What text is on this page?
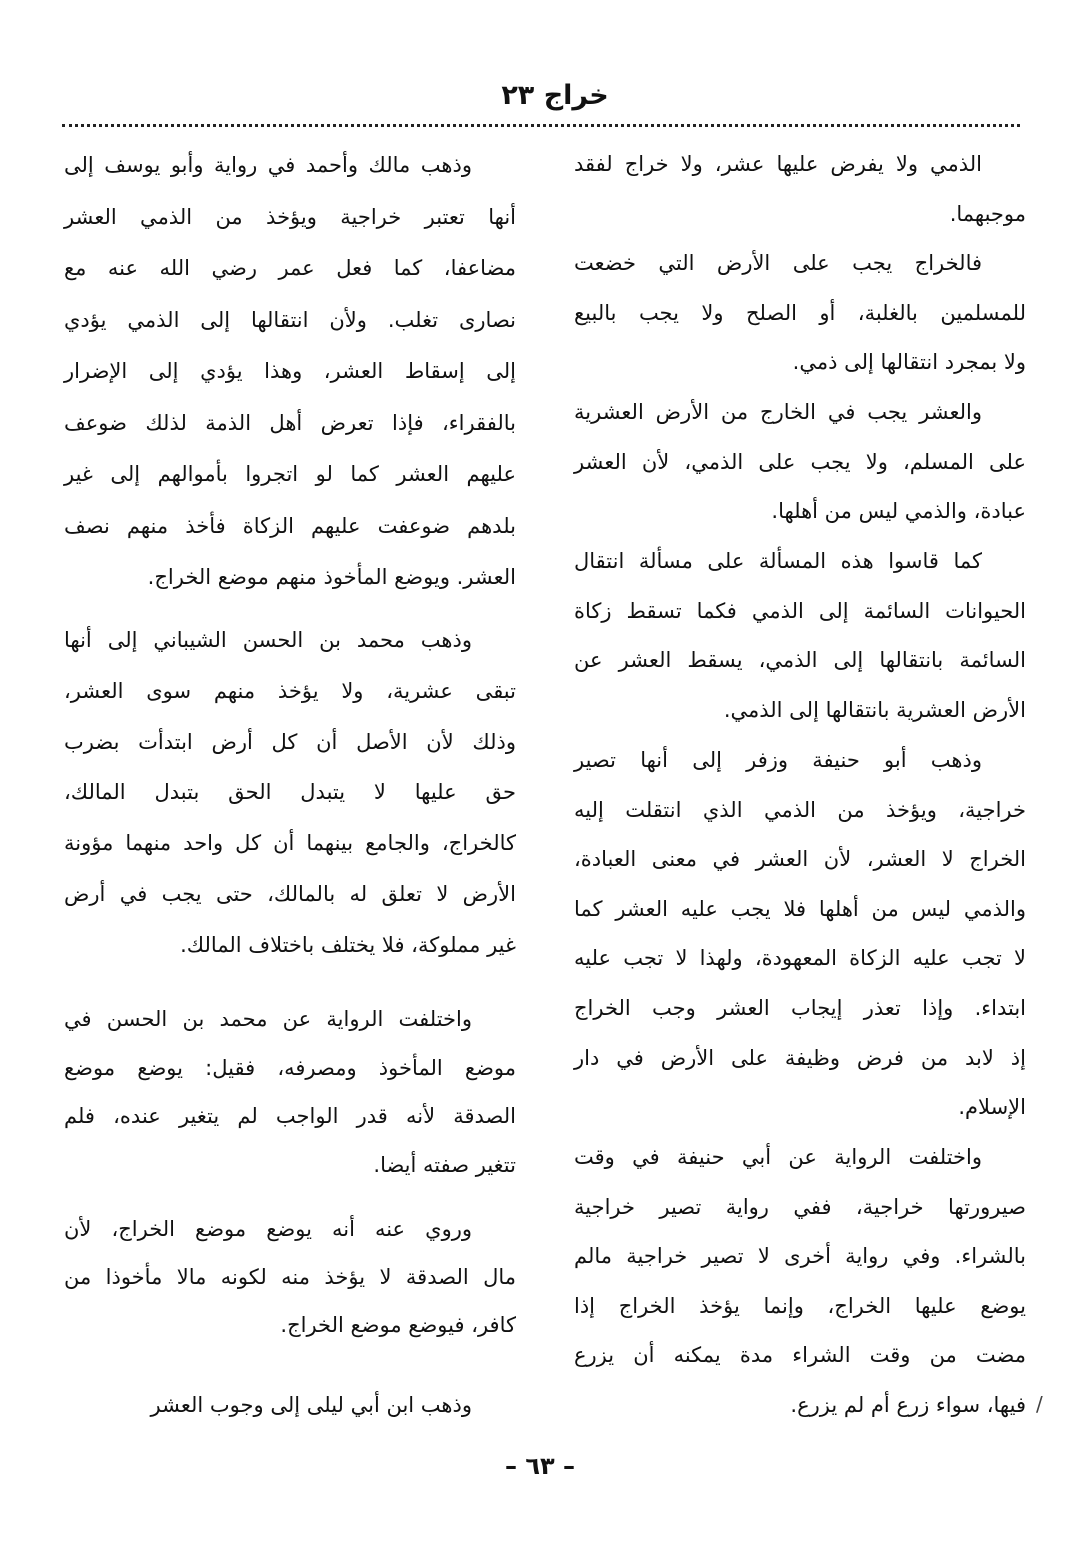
خراج ٢٣
الذمي ولا يفرض عليها عشر، ولا خراج لفقد
موجبهما.
فالخراج يجب على الأرض التي خضعت
للمسلمين بالغلبة، أو الصلح ولا يجب بالبيع
ولا بمجرد انتقالها إلى ذمي.
والعشر يجب في الخارج من الأرض العشرية
على المسلم، ولا يجب على الذمي، لأن العشر
عبادة، والذمي ليس من أهلها.
كما قاسوا هذه المسألة على مسألة انتقال
الحيوانات السائمة إلى الذمي فكما تسقط زكاة
السائمة بانتقالها إلى الذمي، يسقط العشر عن
الأرض العشرية بانتقالها إلى الذمي.
وذهب أبو حنيفة وزفر إلى أنها تصير
خراجية، ويؤخذ من الذمي الذي انتقلت إليه
الخراج لا العشر، لأن العشر في معنى العبادة،
والذمي ليس من أهلها فلا يجب عليه العشر كما
لا تجب عليه الزكاة المعهودة، ولهذا لا تجب عليه
ابتداء. وإذا تعذر إيجاب العشر وجب الخراج
إذ لابد من فرض وظيفة على الأرض في دار
الإسلام.
واختلفت الرواية عن أبي حنيفة في وقت
صيرورتها خراجية، ففي رواية تصير خراجية
بالشراء. وفي رواية أخرى لا تصير خراجية مالم
يوضع عليها الخراج، وإنما يؤخذ الخراج إذا
مضت من وقت الشراء مدة يمكنه أن يزرع
فيها، سواء زرع أم لم يزرع.
وذهب مالك وأحمد في رواية وأبو يوسف إلى
أنها تعتبر خراجية ويؤخذ من الذمي العشر
مضاعفا، كما فعل عمر رضي الله عنه مع
نصارى تغلب. ولأن انتقالها إلى الذمي يؤدي
إلى إسقاط العشر، وهذا يؤدي إلى الإضرار
بالفقراء، فإذا تعرض أهل الذمة لذلك ضوعف
عليهم العشر كما لو اتجروا بأموالهم إلى غير
بلدهم ضوعفت عليهم الزكاة فأخذ منهم نصف
العشر. ويوضع المأخوذ منهم موضع الخراج.
وذهب محمد بن الحسن الشيباني إلى أنها
تبقى عشرية، ولا يؤخذ منهم سوى العشر،
وذلك لأن الأصل أن كل أرض ابتدأت بضرب
حق عليها لا يتبدل الحق بتبدل المالك،
كالخراج، والجامع بينهما أن كل واحد منهما مؤونة
الأرض لا تعلق له بالمالك، حتى يجب في أرض
غير مملوكة، فلا يختلف باختلاف المالك.
واختلفت الرواية عن محمد بن الحسن في
موضع المأخوذ ومصرفه، فقيل: يوضع موضع
الصدقة لأنه قدر الواجب لم يتغير عنده، فلم
تتغير صفته أيضا.
وروي عنه أنه يوضع موضع الخراج، لأن
مال الصدقة لا يؤخذ منه لكونه مالا مأخوذا من
كافر، فيوضع موضع الخراج.
وذهب ابن أبي ليلى إلى وجوب العشر	/
– ٦٣ –
